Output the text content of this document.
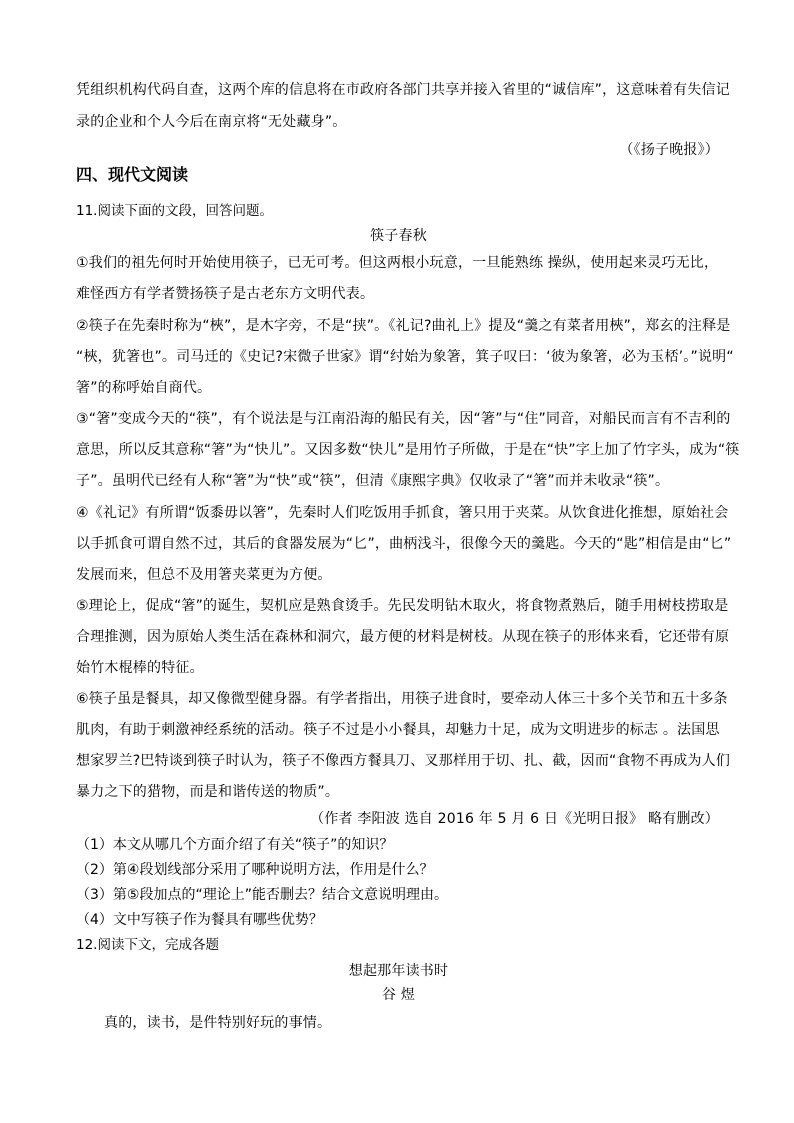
凭组织机构代码自查，这两个库的信息将在市政府各部门共享并接入省里的“诚信库”，这意味着有失信记
录的企业和个人今后在南京将“无处藏身”。
（《扬子晚报》）
四、现代文阅读
11.阅读下面的文段，回答问题。
筷子春秋
①我们的祖先何时开始使用筷子，已无可考。但这两根小玩意，一旦能熟练 操纵，使用起来灵巧无比，
难怪西方有学者赞扬筷子是古老东方文明代表。
②筷子在先秦时称为“梜”，是木字旁，不是“挟”。《礼记?曲礼上》提及“羹之有菜者用梜”，郑玄的注释是
“梜，犹箸也”。司马迁的《史记?宋微子世家》谓“纣始为象箸，箕子叹曰：‘彼为象箸，必为玉桮’。”说明“
箸”的称呼始自商代。
③“箸”变成今天的“筷”，有个说法是与江南沿海的船民有关，因“箸”与“住”同音，对船民而言有不吉利的
意思，所以反其意称“箸”为“快儿”。又因多数“快儿”是用竹子所做，于是在“快”字上加了竹字头，成为“筷
子”。虽明代已经有人称“箸”为“快”或“筷”，但清《康熙字典》仅收录了“箸”而并未收录“筷”。
④《礼记》有所谓“饭黍毋以箸”，先秦时人们吃饭用手抓食，箸只用于夹菜。从饮食进化推想，原始社会
以手抓食可谓自然不过，其后的食器发展为“匕”，曲柄浅斗，很像今天的羹匙。今天的“匙”相信是由“匕”
发展而来，但总不及用箸夹菜更为方便。
⑤理论上，促成“箸”的诞生，契机应是熟食烫手。先民发明钻木取火，将食物煮熟后，随手用树枝捞取是
合理推测，因为原始人类生活在森林和洞穴，最方便的材料是树枝。从现在筷子的形体来看，它还带有原
始竹木棍棒的特征。
⑥筷子虽是餐具，却又像微型健身器。有学者指出，用筷子进食时，要牵动人体三十多个关节和五十多条
肌肉，有助于刺激神经系统的活动。筷子不过是小小餐具，却魅力十足，成为文明进步的标志 。法国思
想家罗兰?巴特谈到筷子时认为，筷子不像西方餐具刀、叉那样用于切、扎、截，因而“食物不再成为人们
暴力之下的猎物，而是和谐传送的物质”。
（作者 李阳波 选自 2016 年 5 月 6 日《光明日报》 略有删改）
（1）本文从哪几个方面介绍了有关“筷子”的知识？
（2）第④段划线部分采用了哪种说明方法，作用是什么？
（3）第⑤段加点的“理论上”能否删去？结合文意说明理由。
（4）文中写筷子作为餐具有哪些优势？
12.阅读下文，完成各题
想起那年读书时
谷 煜
真的，读书，是件特别好玩的事情。
